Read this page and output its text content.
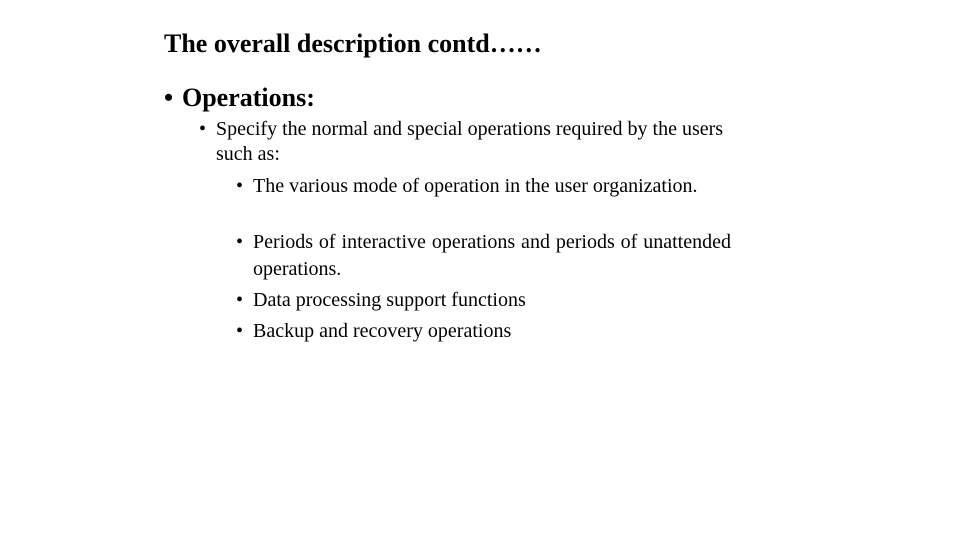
The overall description contd……
• Operations:
• Specify the normal and special operations required by the users such as:
• The various mode of operation in the user organization.
• Periods of interactive operations and periods of unattended operations.
• Data processing support functions
• Backup and recovery operations
